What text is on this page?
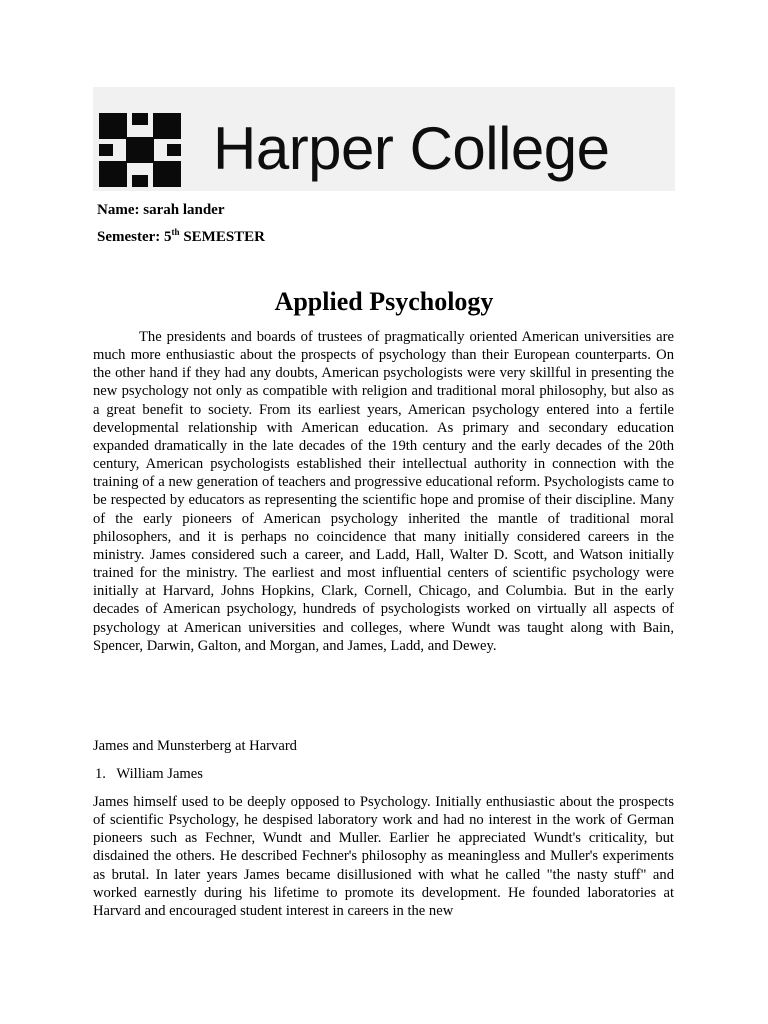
Harper College
Name: sarah lander
Semester: 5th SEMESTER
Applied Psychology

The presidents and boards of trustees of pragmatically oriented American universities are much more enthusiastic about the prospects of psychology than their European counterparts. On the other hand if they had any doubts, American psychologists were very skillful in presenting the new psychology not only as compatible with religion and traditional moral philosophy, but also as a great benefit to society. From its earliest years, American psychology entered into a fertile developmental relationship with American education. As primary and secondary education expanded dramatically in the late decades of the 19th century and the early decades of the 20th century, American psychologists established their intellectual authority in connection with the training of a new generation of teachers and progressive educational reform. Psychologists came to be respected by educators as representing the scientific hope and promise of their discipline. Many of the early pioneers of American psychology inherited the mantle of traditional moral philosophers, and it is perhaps no coincidence that many initially considered careers in the ministry. James considered such a career, and Ladd, Hall, Walter D. Scott, and Watson initially trained for the ministry. The earliest and most influential centers of scientific psychology were initially at Harvard, Johns Hopkins, Clark, Cornell, Chicago, and Columbia. But in the early decades of American psychology, hundreds of psychologists worked on virtually all aspects of psychology at American universities and colleges, where Wundt was taught along with Bain, Spencer, Darwin, Galton, and Morgan, and James, Ladd, and Dewey.

James and Munsterberg at Harvard
1. William James

James himself used to be deeply opposed to Psychology. Initially enthusiastic about the prospects of scientific Psychology, he despised laboratory work and had no interest in the work of German pioneers such as Fechner, Wundt and Muller. Earlier he appreciated Wundt's criticality, but disdained the others. He described Fechner's philosophy as meaningless and Muller's experiments as brutal. In later years James became disillusioned with what he called "the nasty stuff" and worked earnestly during his lifetime to promote its development. He founded laboratories at Harvard and encouraged student interest in careers in the new
